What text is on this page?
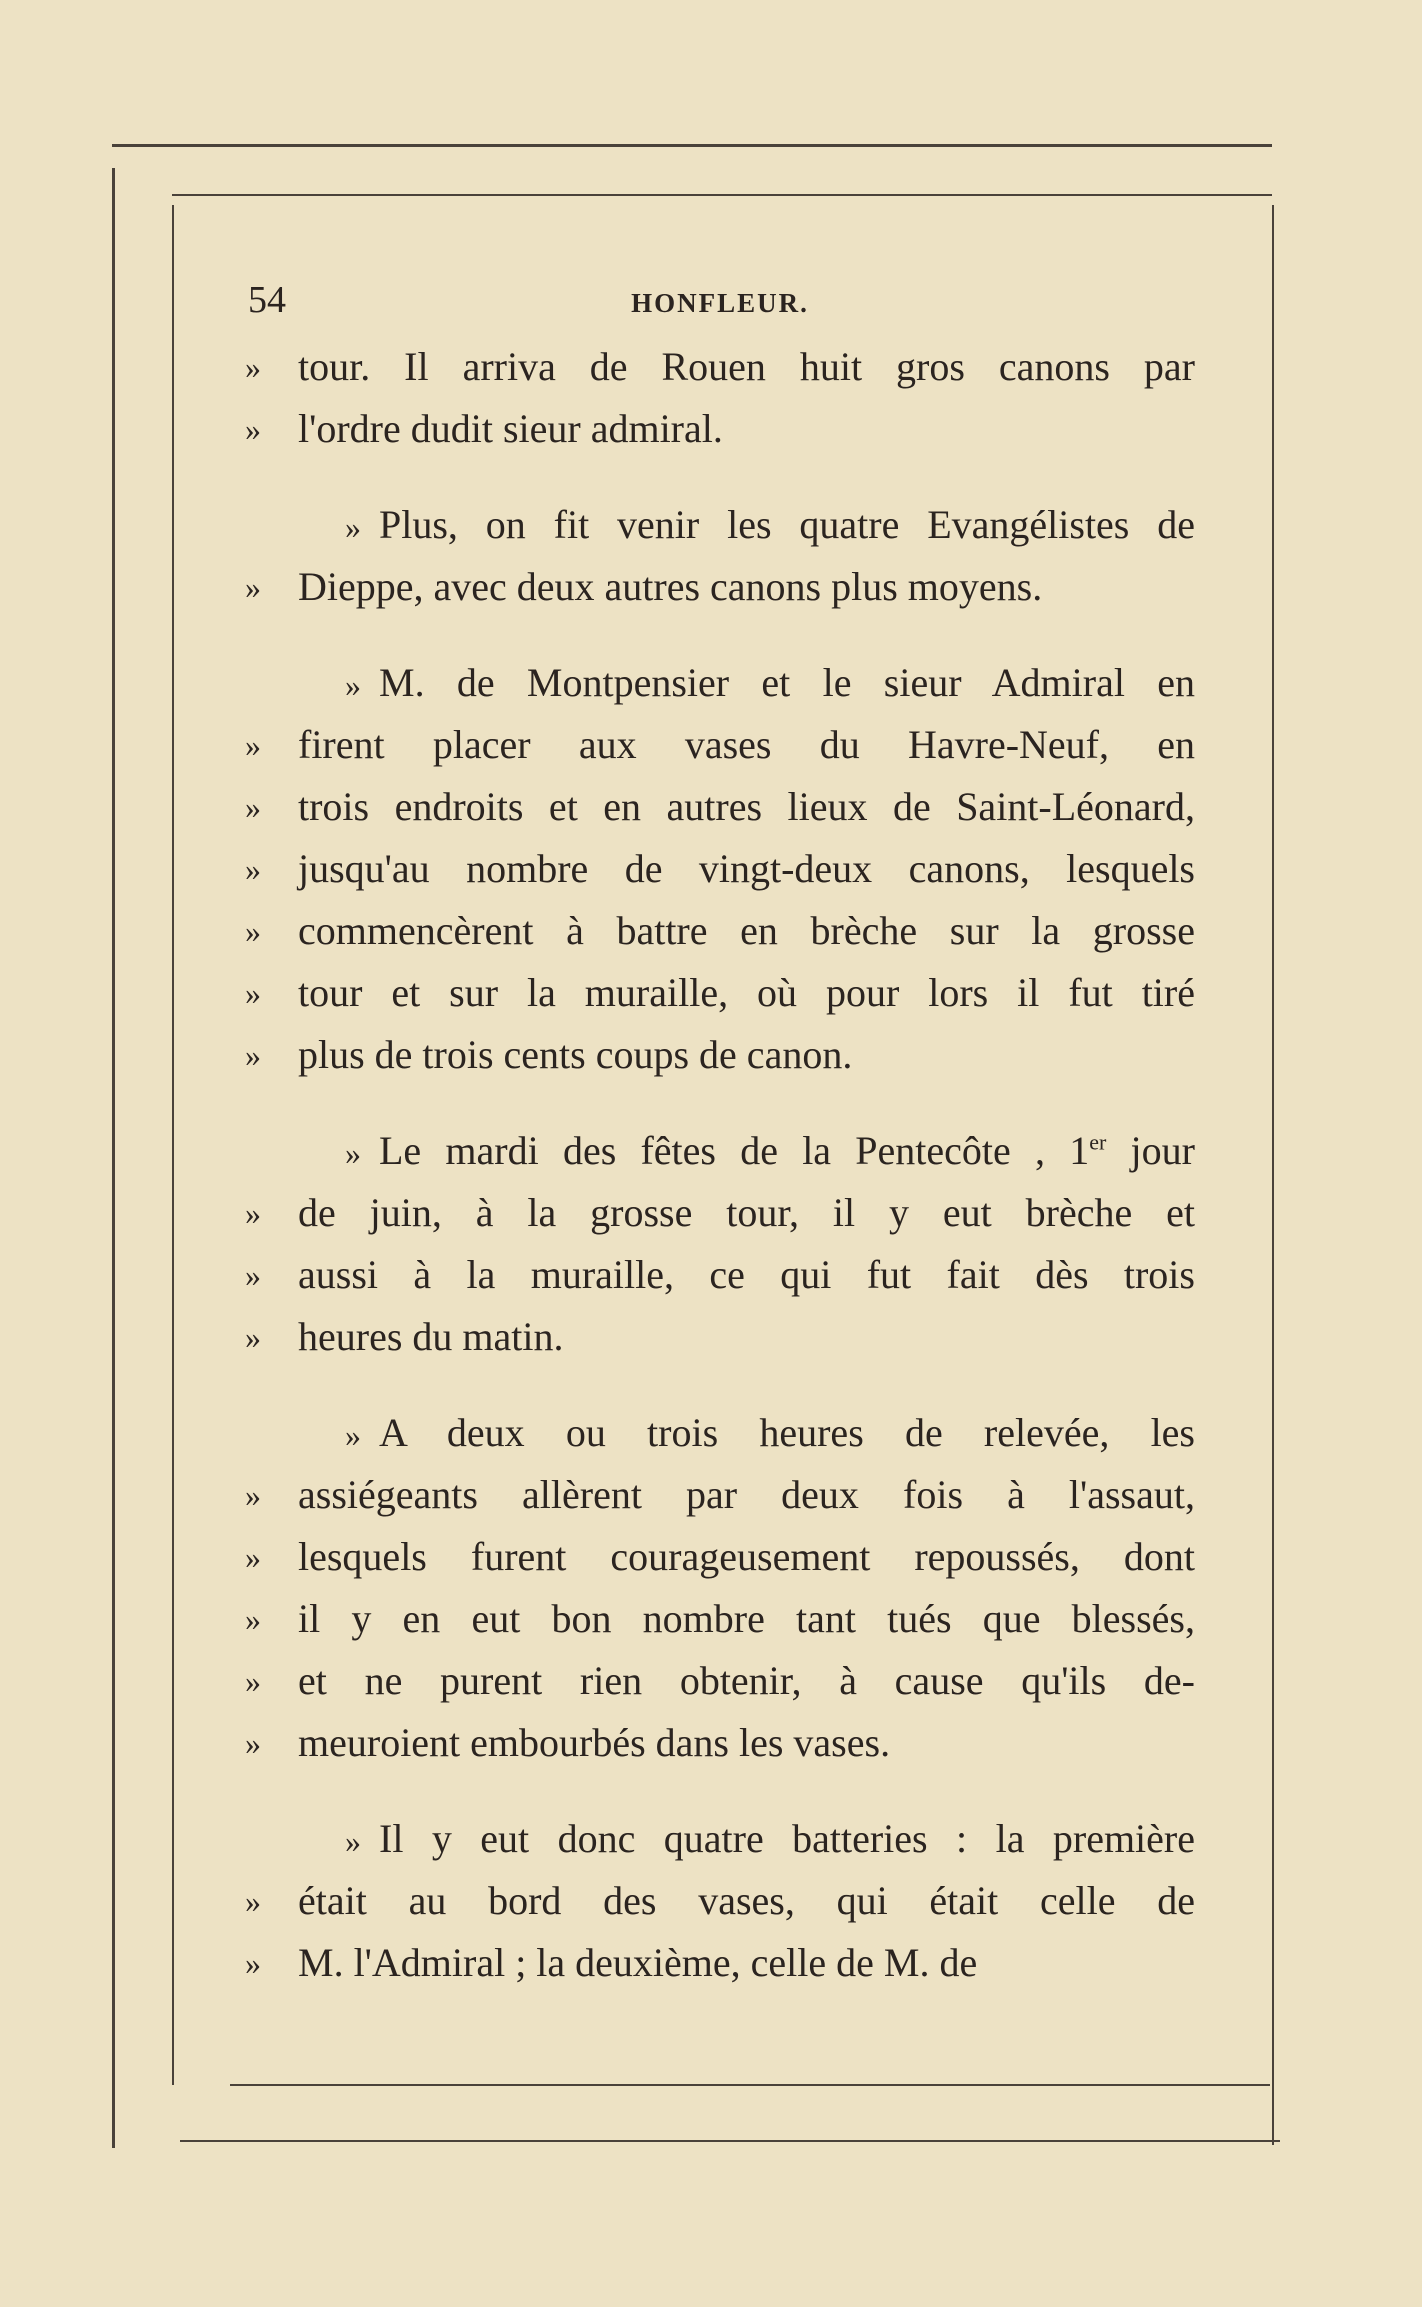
54	HONFLEUR.
» tour. Il arriva de Rouen huit gros canons par
» l'ordre dudit sieur admiral.
» Plus, on fit venir les quatre Evangélistes de
» Dieppe, avec deux autres canons plus moyens.
» M. de Montpensier et le sieur Admiral en
» firent placer aux vases du Havre-Neuf, en
» trois endroits et en autres lieux de Saint-Léonard,
» jusqu'au nombre de vingt-deux canons, lesquels
» commencèrent à battre en brèche sur la grosse
» tour et sur la muraille, où pour lors il fut tiré
» plus de trois cents coups de canon.
» Le mardi des fêtes de la Pentecôte , 1er jour
» de juin, à la grosse tour, il y eut brèche et
» aussi à la muraille, ce qui fut fait dès trois
» heures du matin.
» A deux ou trois heures de relevée, les
» assiégeants allèrent par deux fois à l'assaut,
» lesquels furent courageusement repoussés, dont
» il y en eut bon nombre tant tués que blessés,
» et ne purent rien obtenir, à cause qu'ils de-
» meuroient embourbés dans les vases.
» Il y eut donc quatre batteries : la première
» était au bord des vases, qui était celle de
» M. l'Admiral ; la deuxième, celle de M. de
